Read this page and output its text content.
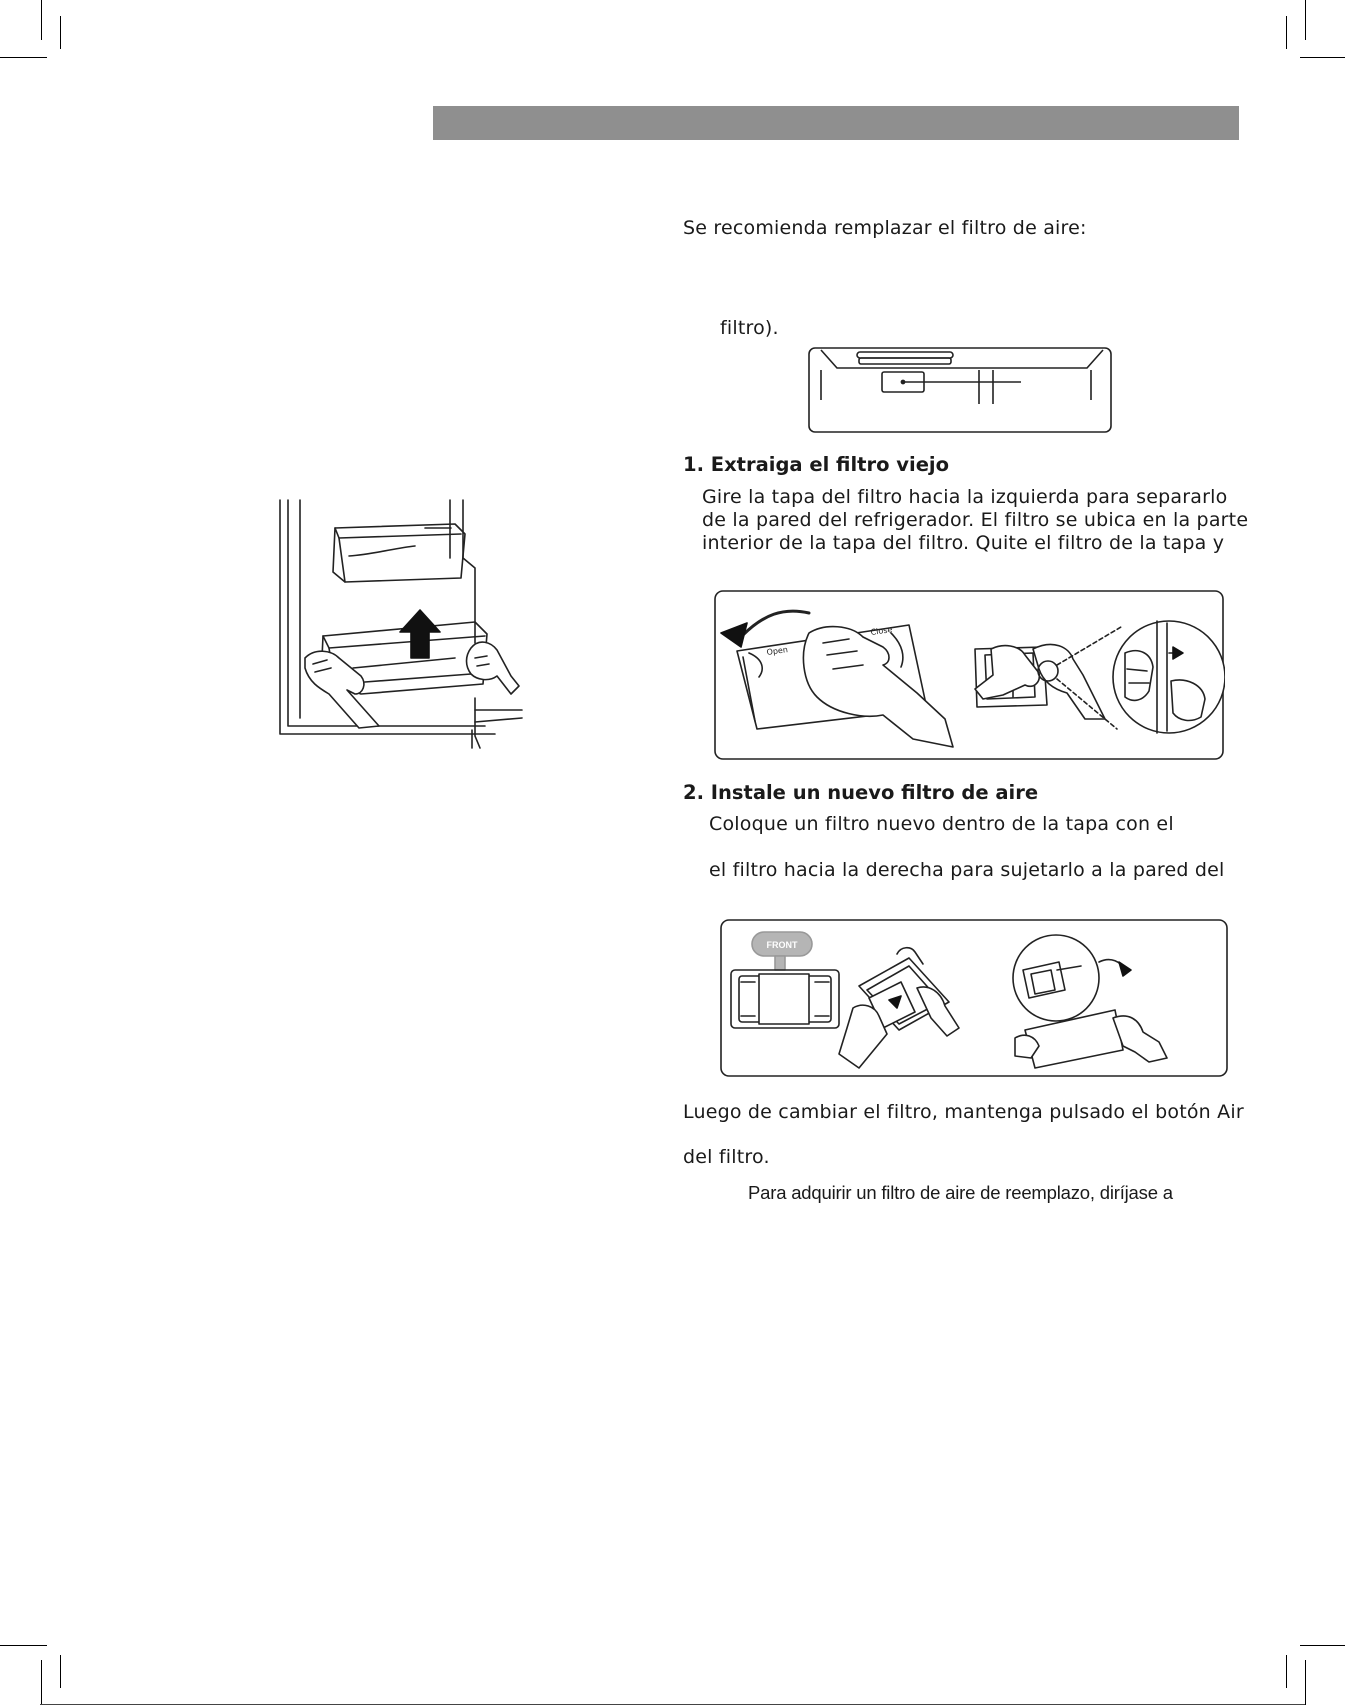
Se recomienda remplazar el filtro de aire:
filtro).
1. Extraiga el filtro viejo
Gire la tapa del filtro hacia la izquierda para separarlo
de la pared del refrigerador. El filtro se ubica en la parte
interior de la tapa del filtro. Quite el filtro de la tapa y
Open
Close
2. Instale un nuevo filtro de aire
Coloque un filtro nuevo dentro de la tapa con el
el filtro hacia la derecha para sujetarlo a la pared del
FRONT
Luego de cambiar el filtro, mantenga pulsado el botón Air
del filtro.
Para adquirir un filtro de aire de reemplazo, diríjase a
